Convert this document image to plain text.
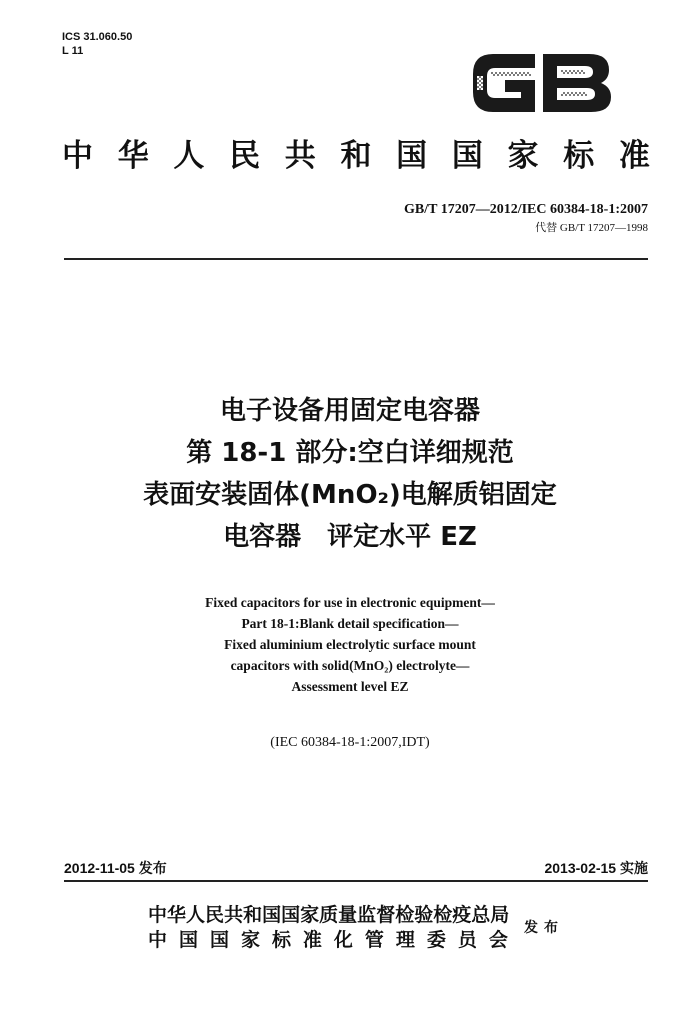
ICS 31.060.50
L 11
中 华 人 民 共 和 国 国 家 标 准
GB/T 17207—2012/IEC 60384-18-1:2007
代替 GB/T 17207—1998
电子设备用固定电容器
第 18-1 部分:空白详细规范
表面安装固体(MnO₂)电解质铝固定
电容器　评定水平 EZ
Fixed capacitors for use in electronic equipment—
Part 18-1:Blank detail specification—
Fixed aluminium electrolytic surface mount
capacitors with solid(MnO₂) electrolyte—
Assessment level EZ
(IEC 60384-18-1:2007,IDT)
2012-11-05 发布	2013-02-15 实施
中 华 人 民 共 和 国 国 家 质 量 监 督 检 验 检 疫 总 局
中 国 国 家 标 准 化 管 理 委 员 会
发布
